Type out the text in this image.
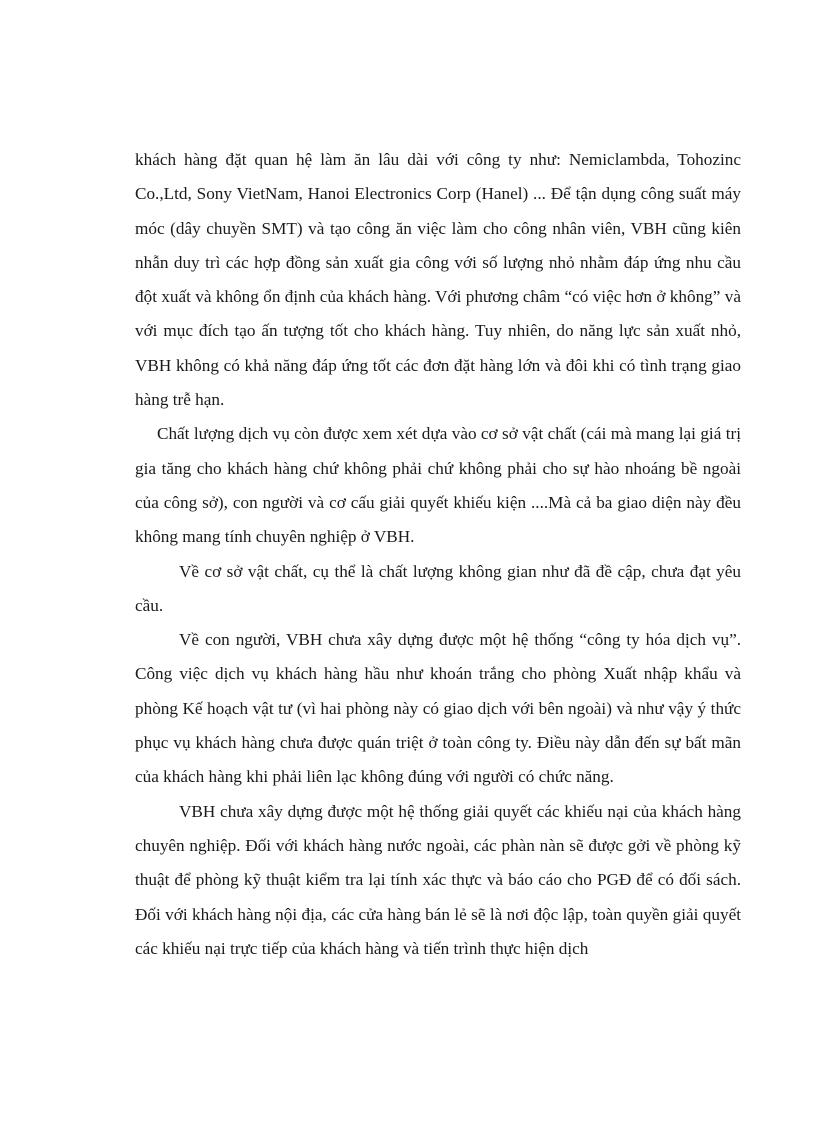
khách hàng đặt quan hệ làm ăn lâu dài với công ty như: Nemiclambda, Tohozinc Co.,Ltd, Sony VietNam, Hanoi Electronics Corp (Hanel) ... Để tận dụng công suất máy móc (dây chuyền SMT) và tạo công ăn việc làm cho công nhân viên, VBH cũng kiên nhẫn duy trì các hợp đồng sản xuất gia công với số lượng nhỏ nhằm đáp ứng nhu cầu đột xuất và không ổn định của khách hàng. Với phương châm “có việc hơn ở không” và với mục đích tạo ấn tượng tốt cho khách hàng. Tuy nhiên, do năng lực sản xuất nhỏ, VBH không có khả năng đáp ứng tốt các đơn đặt hàng lớn và đôi khi có tình trạng giao hàng trễ hạn.

Chất lượng dịch vụ còn được xem xét dựa vào cơ sở vật chất (cái mà mang lại giá trị gia tăng cho khách hàng chứ không phải chứ không phải cho sự hào nhoáng bề ngoài của công sở), con người và cơ cấu giải quyết khiếu kiện ....Mà cả ba giao diện này đều không mang tính chuyên nghiệp ở VBH.

Về cơ sở vật chất, cụ thể là chất lượng không gian như đã đề cập, chưa đạt yêu cầu.

Về con người, VBH chưa xây dựng được một hệ thống “công ty hóa dịch vụ”. Công việc dịch vụ khách hàng hầu như khoán trắng cho phòng Xuất nhập khẩu và phòng Kế hoạch vật tư (vì hai phòng này có giao dịch với bên ngoài) và như vậy ý thức phục vụ khách hàng chưa được quán triệt ở toàn công ty. Điều này dẫn đến sự bất mãn của khách hàng khi phải liên lạc không đúng với người có chức năng.

VBH chưa xây dựng được một hệ thống giải quyết các khiếu nại của khách hàng chuyên nghiệp. Đối với khách hàng nước ngoài, các phàn nàn sẽ được gởi về phòng kỹ thuật để phòng kỹ thuật kiểm tra lại tính xác thực và báo cáo cho PGĐ để có đối sách. Đối với khách hàng nội địa, các cửa hàng bán lẻ sẽ là nơi độc lập, toàn quyền giải quyết các khiếu nại trực tiếp của khách hàng và tiến trình thực hiện dịch
